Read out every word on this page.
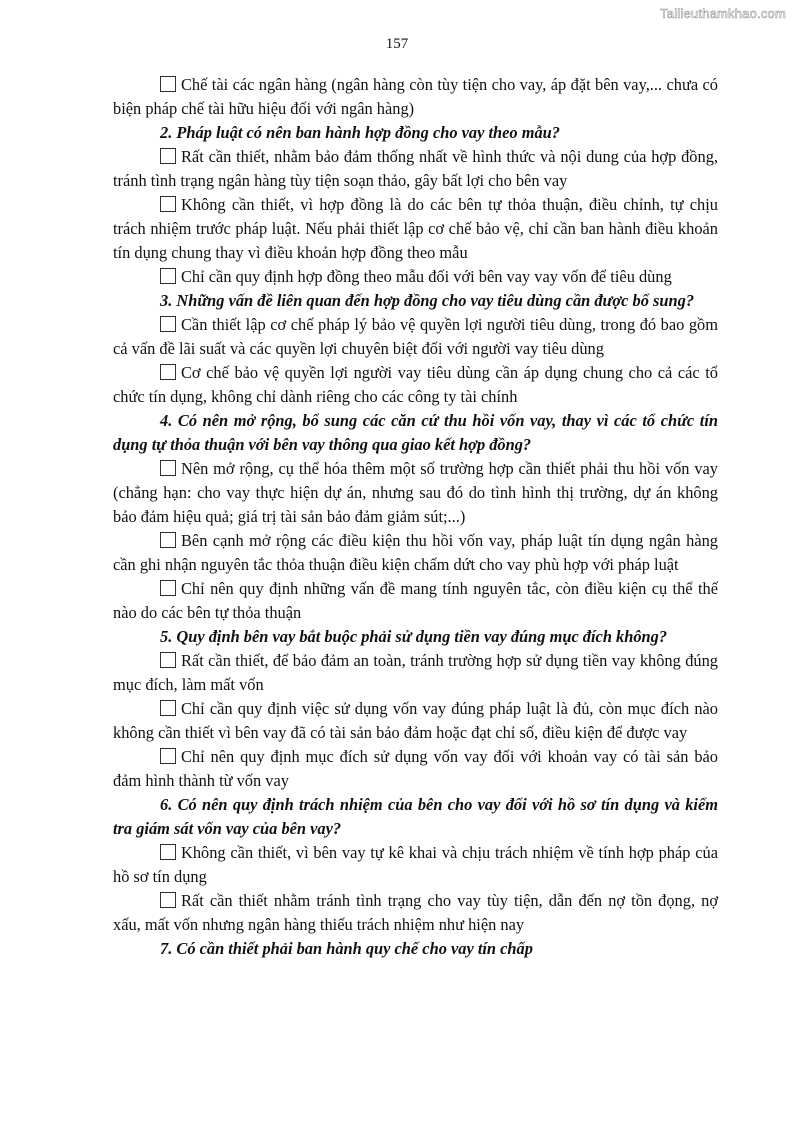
Tailieuthamkhao.com
157

Chế tài các ngân hàng (ngân hàng còn tùy tiện cho vay, áp đặt bên vay,... chưa có biện pháp chế tài hữu hiệu đối với ngân hàng)

2. Pháp luật có nên ban hành hợp đồng cho vay theo mẫu?

Rất cần thiết, nhằm bảo đảm thống nhất về hình thức và nội dung của hợp đồng, tránh tình trạng ngân hàng tùy tiện soạn thảo, gây bất lợi cho bên vay

Không cần thiết, vì hợp đồng là do các bên tự thỏa thuận, điều chỉnh, tự chịu trách nhiệm trước pháp luật. Nếu phải thiết lập cơ chế bảo vệ, chỉ cần ban hành điều khoản tín dụng chung thay vì điều khoản hợp đồng theo mẫu

Chỉ cần quy định hợp đồng theo mẫu đối với bên vay vay vốn để tiêu dùng

3. Những vấn đề liên quan đến hợp đồng cho vay tiêu dùng cần được bổ sung?

Cần thiết lập cơ chế pháp lý bảo vệ quyền lợi người tiêu dùng, trong đó bao gồm cả vấn đề lãi suất và các quyền lợi chuyên biệt đối với người vay tiêu dùng

Cơ chế bảo vệ quyền lợi người vay tiêu dùng cần áp dụng chung cho cả các tổ chức tín dụng, không chỉ dành riêng cho các công ty tài chính

4. Có nên mở rộng, bổ sung các căn cứ thu hồi vốn vay, thay vì các tổ chức tín dụng tự thỏa thuận với bên vay thông qua giao kết hợp đồng?

Nên mở rộng, cụ thể hóa thêm một số trường hợp cần thiết phải thu hồi vốn vay (chẳng hạn: cho vay thực hiện dự án, nhưng sau đó do tình hình thị trường, dự án không bảo đảm hiệu quả; giá trị tài sản bảo đảm giảm sút;...)

Bên cạnh mở rộng các điều kiện thu hồi vốn vay, pháp luật tín dụng ngân hàng cần ghi nhận nguyên tắc thỏa thuận điều kiện chấm dứt cho vay phù hợp với pháp luật

Chỉ nên quy định những vấn đề mang tính nguyên tắc, còn điều kiện cụ thể thế nào do các bên tự thỏa thuận

5. Quy định bên vay bắt buộc phải sử dụng tiền vay đúng mục đích không?

Rất cần thiết, để bảo đảm an toàn, tránh trường hợp sử dụng tiền vay không đúng mục đích, làm mất vốn

Chỉ cần quy định việc sử dụng vốn vay đúng pháp luật là đủ, còn mục đích nào không cần thiết vì bên vay đã có tài sản bảo đảm hoặc đạt chỉ số, điều kiện để được vay

Chỉ nên quy định mục đích sử dụng vốn vay đối với khoản vay có tài sản bảo đảm hình thành từ vốn vay

6. Có nên quy định trách nhiệm của bên cho vay đối với hồ sơ tín dụng và kiểm tra giám sát vốn vay của bên vay?

Không cần thiết, vì bên vay tự kê khai và chịu trách nhiệm về tính hợp pháp của hồ sơ tín dụng

Rất cần thiết nhằm tránh tình trạng cho vay tùy tiện, dẫn đến nợ tồn đọng, nợ xấu, mất vốn nhưng ngân hàng thiếu trách nhiệm như hiện nay

7. Có cần thiết phải ban hành quy chế cho vay tín chấp
